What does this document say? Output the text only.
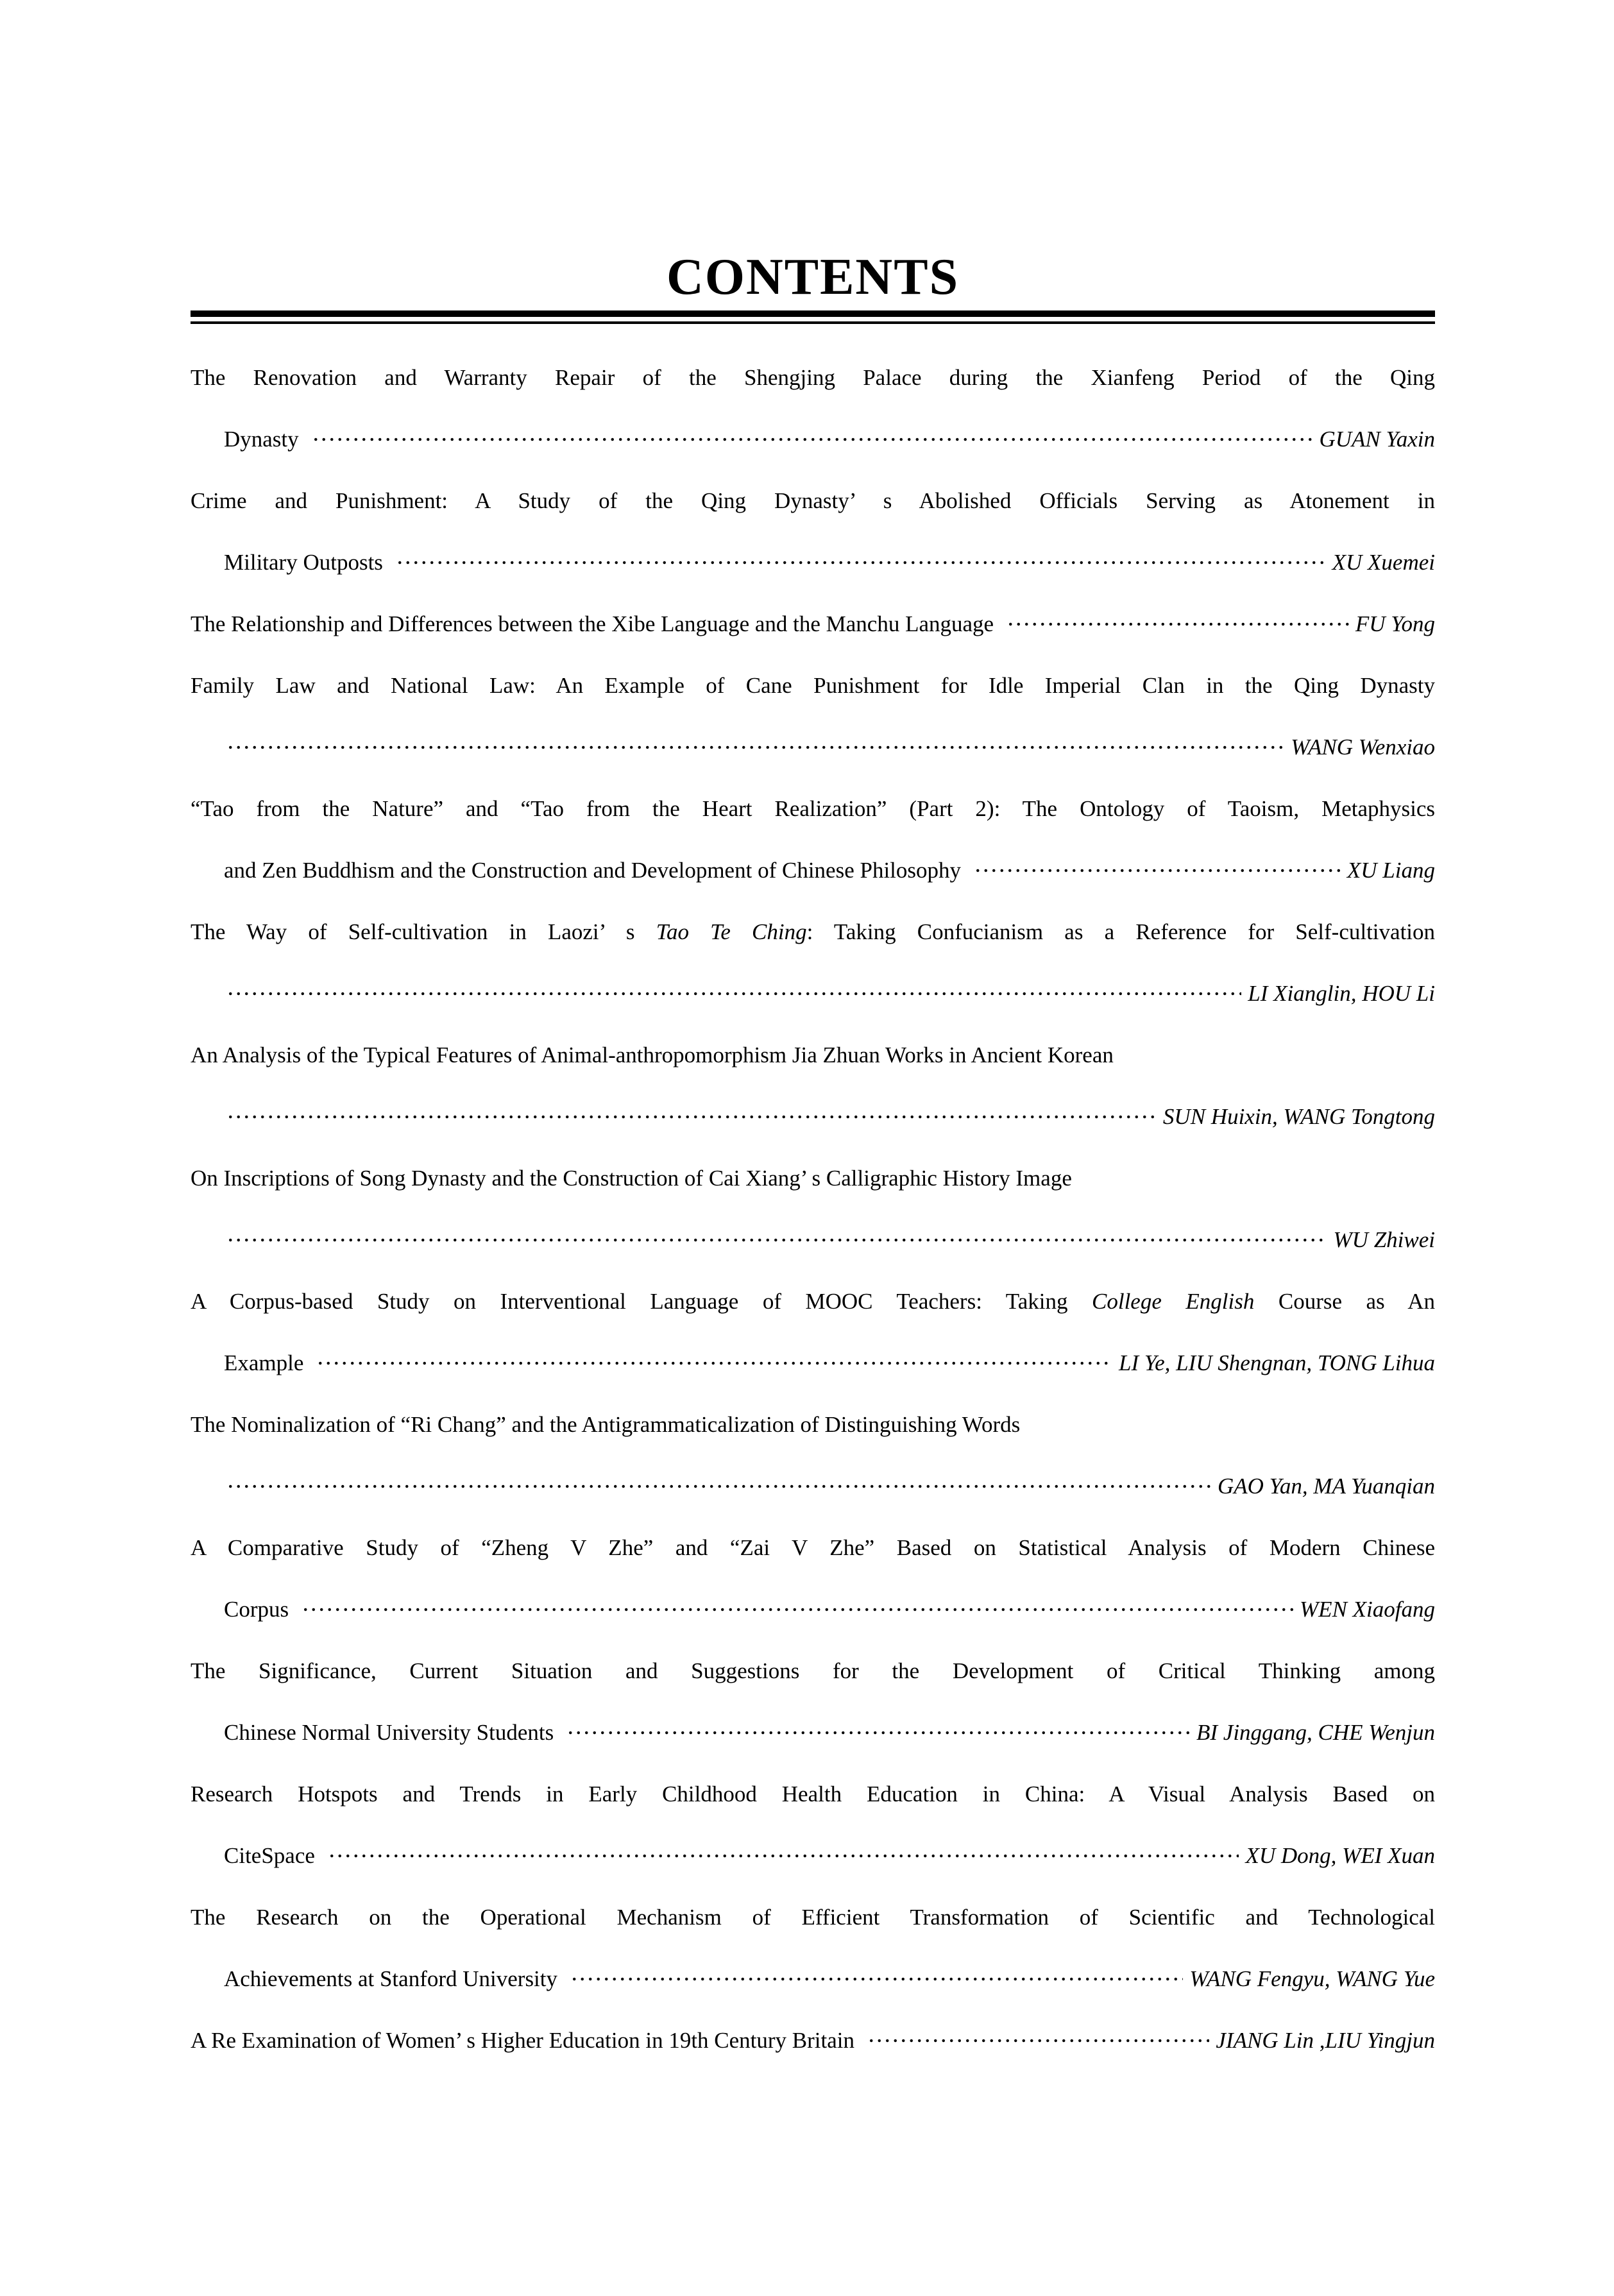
CONTENTS
The Renovation and Warranty Repair of the Shengjing Palace during the Xianfeng Period of the Qing
Dynasty	GUAN Yaxin
Crime and Punishment: A Study of the Qing Dynasty’ s Abolished Officials Serving as Atonement in
Military Outposts	XU Xuemei
The Relationship and Differences between the Xibe Language and the Manchu Language	FU Yong
Family Law and National Law: An Example of Cane Punishment for Idle Imperial Clan in the Qing Dynasty
WANG Wenxiao
“Tao from the Nature” and “Tao from the Heart Realization” (Part 2): The Ontology of Taoism, Metaphysics
and Zen Buddhism and the Construction and Development of Chinese Philosophy	XU Liang
The Way of Self-cultivation in Laozi’ s Tao Te Ching: Taking Confucianism as a Reference for Self-cultivation
LI Xianglin, HOU Li
An Analysis of the Typical Features of Animal-anthropomorphism Jia Zhuan Works in Ancient Korean
SUN Huixin, WANG Tongtong
On Inscriptions of Song Dynasty and the Construction of Cai Xiang’ s Calligraphic History Image
WU Zhiwei
A Corpus-based Study on Interventional Language of MOOC Teachers: Taking College English Course as An
Example	LI Ye, LIU Shengnan, TONG Lihua
The Nominalization of “Ri Chang” and the Antigrammaticalization of Distinguishing Words
GAO Yan, MA Yuanqian
A Comparative Study of “Zheng V Zhe” and “Zai V Zhe” Based on Statistical Analysis of Modern Chinese
Corpus	WEN Xiaofang
The Significance, Current Situation and Suggestions for the Development of Critical Thinking among
Chinese Normal University Students	BI Jinggang, CHE Wenjun
Research Hotspots and Trends in Early Childhood Health Education in China: A Visual Analysis Based on
CiteSpace	XU Dong, WEI Xuan
The Research on the Operational Mechanism of Efficient Transformation of Scientific and Technological
Achievements at Stanford University	WANG Fengyu, WANG Yue
A Re Examination of Women’ s Higher Education in 19th Century Britain	JIANG Lin ,LIU Yingjun
